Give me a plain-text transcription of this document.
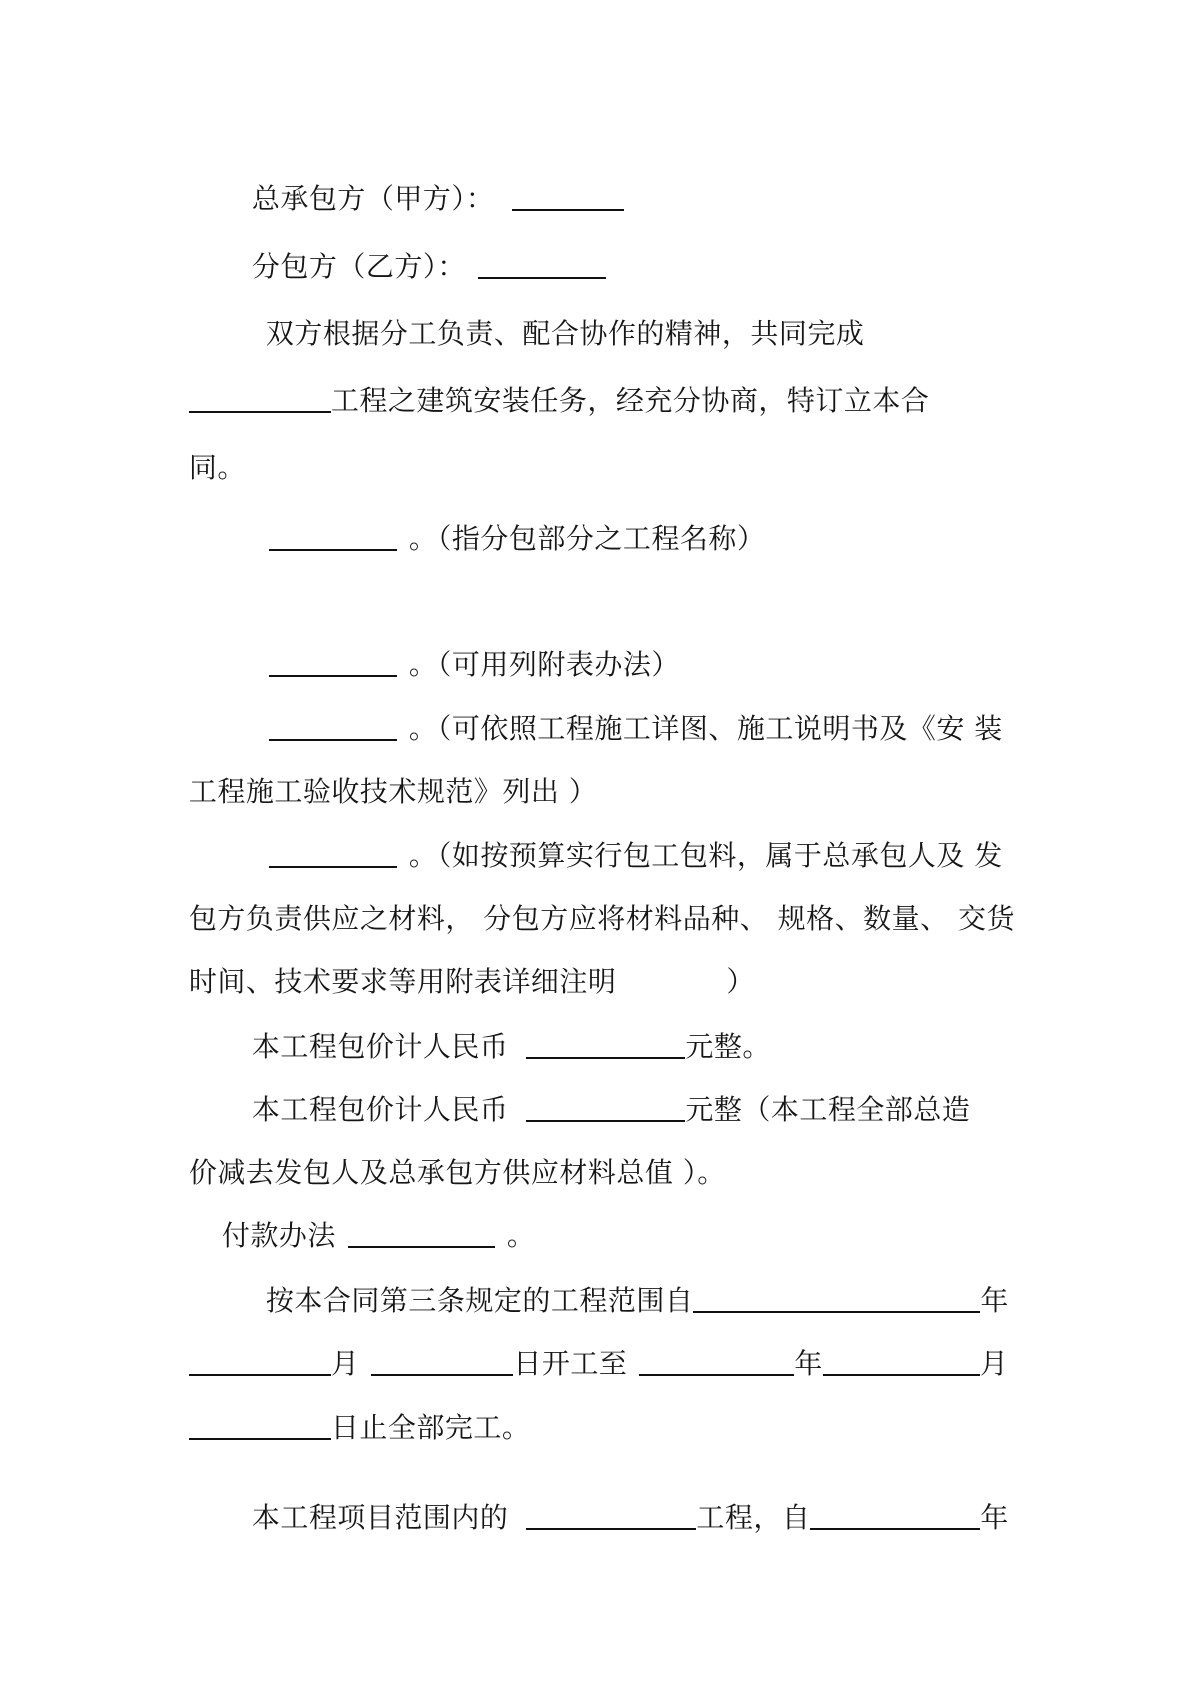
总承包方（甲方）：

分包方（乙方）：

双方根据分工负责、配合协作的精神，共同完成

工程之建筑安装任务，经充分协商，特订立本合

同。

。（指分包部分之工程名称）

。（可用列附表办法）

。（可依照工程施工详图、施工说明书及《安 装

工程施工验收技术规范》列出 ）

。（如按预算实行包工包料，属于总承包人及 发

包方负责供应之材料， 分包方应将材料品种、 规格、数量、 交货

时间、技术要求等用附表详细注明	）

本工程包价计人民币	元整。

本工程包价计人民币	元整（本工程全部总造

价减去发包人及总承包方供应材料总值 ）。

付款办法	。

按本合同第三条规定的工程范围自	年

月	日开工至	年	月

日止全部完工。

本工程项目范围内的	工程，自	年
